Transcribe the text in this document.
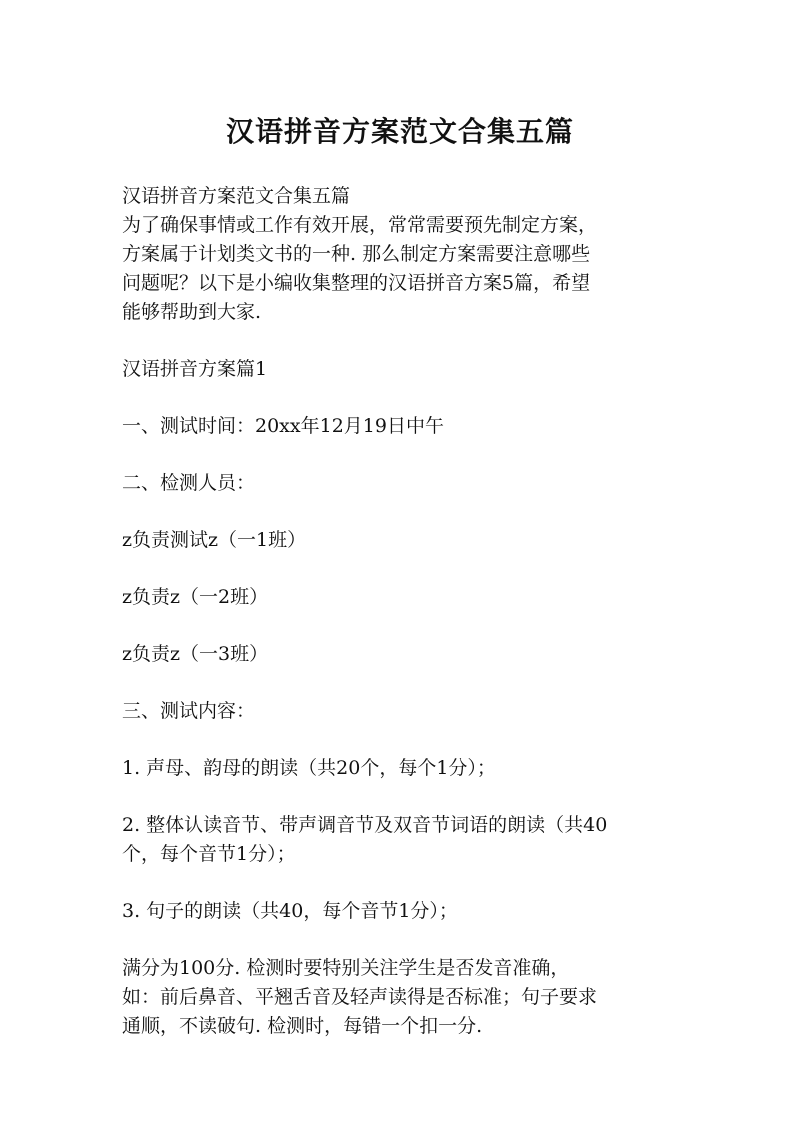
汉语拼音方案范文合集五篇

汉语拼音方案范文合集五篇

为了确保事情或工作有效开展，常常需要预先制定方案，

方案属于计划类文书的一种. 那么制定方案需要注意哪些

问题呢？以下是小编收集整理的汉语拼音方案5篇，希望

能够帮助到大家.

汉语拼音方案篇1

一、测试时间：20xx年12月19日中午

二、检测人员：

z负责测试z（一1班）

z负责z（一2班）

z负责z（一3班）

三、测试内容：

1. 声母、韵母的朗读（共20个，每个1分）；

2. 整体认读音节、带声调音节及双音节词语的朗读（共40

个，每个音节1分）；

3. 句子的朗读（共40，每个音节1分）；

满分为100分. 检测时要特别关注学生是否发音准确，

如：前后鼻音、平翘舌音及轻声读得是否标准；句子要求

通顺，不读破句. 检测时，每错一个扣一分.
